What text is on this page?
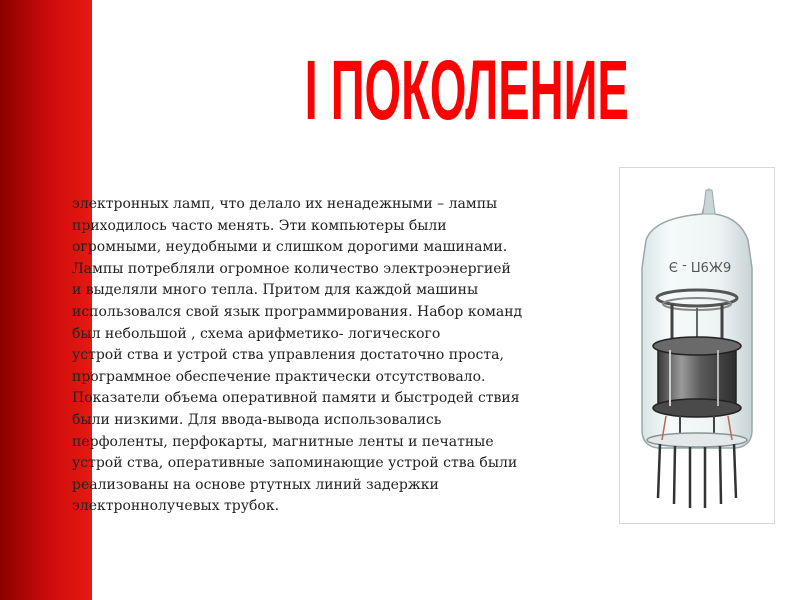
I ПОКОЛЕНИЕ
электронных ламп, что делало их ненадежными – лампы
приходилось часто менять. Эти компьютеры были
огромными, неудобными и слишком дорогими машинами.
Лампы потребляли огромное количество электроэнергией
и выделяли много тепла. Притом для каждой машины
использовался свой язык программирования. Набор команд
был небольшой , схема арифметико- логического
устрой ства и устрой ства управления достаточно проста,
программное обеспечение практически отсутствовало.
Показатели объема оперативной памяти и быстродей ствия
были низкими. Для ввода-вывода использовались
перфоленты, перфокарты, магнитные ленты и печатные
устрой ства, оперативные запоминающие устрой ства были
реализованы на основе ртутных линий задержки
электроннолучевых трубок.
6Ж9П - Э
